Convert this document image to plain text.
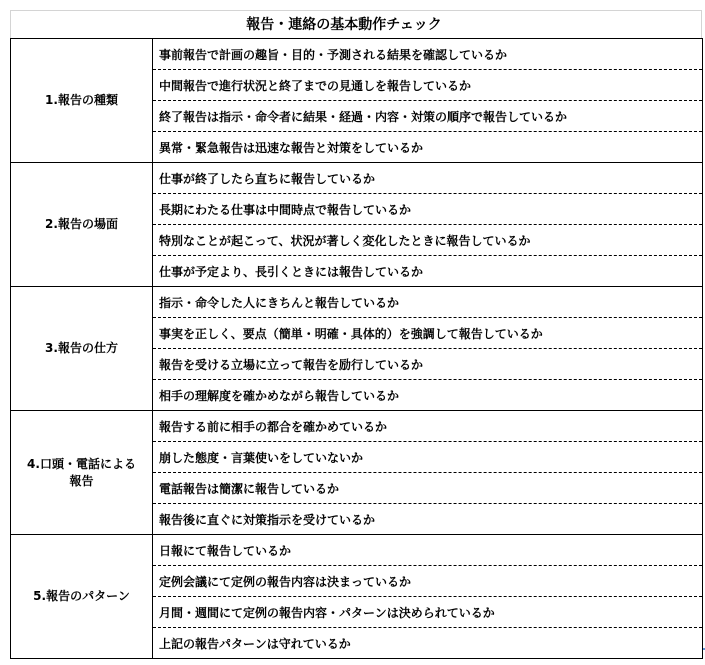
報告・連絡の基本動作チェック
1.報告の種類	事前報告で計画の趣旨・目的・予測される結果を確認しているか
	中間報告で進行状況と終了までの見通しを報告しているか
	終了報告は指示・命令者に結果・経過・内容・対策の順序で報告しているか
	異常・緊急報告は迅速な報告と対策をしているか
2.報告の場面	仕事が終了したら直ちに報告しているか
	長期にわたる仕事は中間時点で報告しているか
	特別なことが起こって、状況が著しく変化したときに報告しているか
	仕事が予定より、長引くときには報告しているか
3.報告の仕方	指示・命令した人にきちんと報告しているか
	事実を正しく、要点（簡単・明確・具体的）を強調して報告しているか
	報告を受ける立場に立って報告を励行しているか
	相手の理解度を確かめながら報告しているか
4.口頭・電話による
報告	報告する前に相手の都合を確かめているか
	崩した態度・言葉使いをしていないか
	電話報告は簡潔に報告しているか
	報告後に直ぐに対策指示を受けているか
5.報告のパターン	日報にて報告しているか
	定例会議にて定例の報告内容は決まっているか
	月間・週間にて定例の報告内容・パターンは決められているか
	上記の報告パターンは守れているか
